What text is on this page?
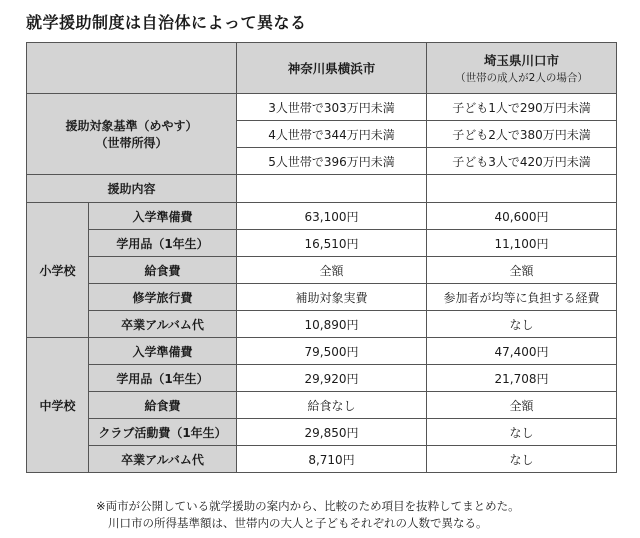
就学援助制度は自治体によって異なる
		神奈川県横浜市	埼玉県川口市
（世帯の成人が2人の場合）

援助対象基準（めやす）
（世帯所得）		3人世帯で303万円未満	子ども1人で290万円未満
		4人世帯で344万円未満	子ども2人で380万円未満
		5人世帯で396万円未満	子ども3人で420万円未満
援助内容			
小学校	入学準備費	63,100円	40,600円
	学用品（1年生）	16,510円	11,100円
	給食費	全額	全額
	修学旅行費	補助対象実費	参加者が均等に負担する経費
	卒業アルバム代	10,890円	なし
中学校	入学準備費	79,500円	47,400円
	学用品（1年生）	29,920円	21,708円
	給食費	給食なし	全額
	クラブ活動費（1年生）	29,850円	なし
	卒業アルバム代	8,710円	なし
※両市が公開している就学援助の案内から、比較のため項目を抜粋してまとめた。
川口市の所得基準額は、世帯内の大人と子どもそれぞれの人数で異なる。
